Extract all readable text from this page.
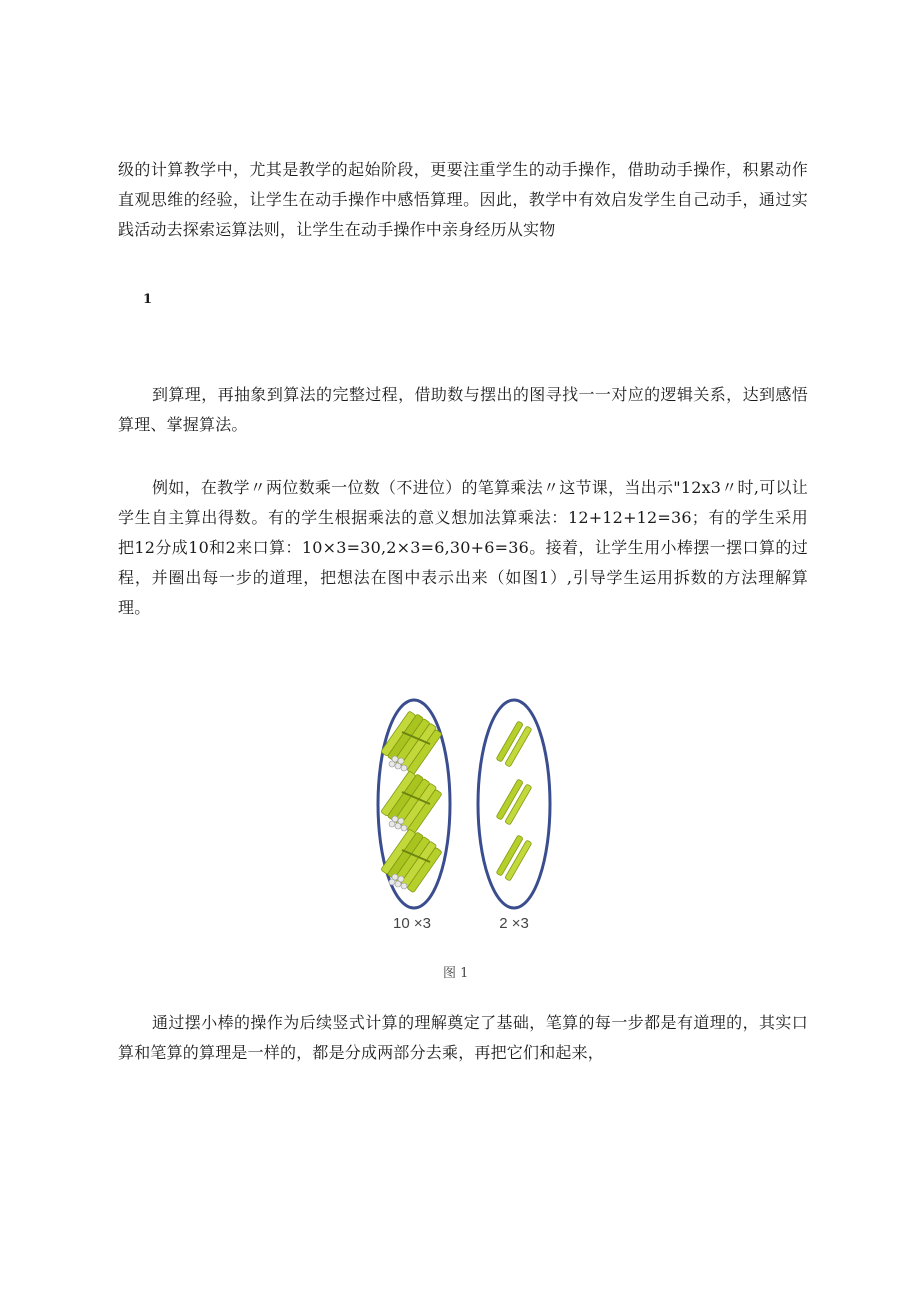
级的计算教学中，尤其是教学的起始阶段，更要注重学生的动手操作，借助动手操作，积累动作直观思维的经验，让学生在动手操作中感悟算理。因此，教学中有效启发学生自己动手，通过实践活动去探索运算法则，让学生在动手操作中亲身经历从实物

1

到算理，再抽象到算法的完整过程，借助数与摆出的图寻找一一对应的逻辑关系，达到感悟算理、掌握算法。

例如，在教学〃两位数乘一位数（不进位）的笔算乘法〃这节课，当出示"12x3〃时,可以让学生自主算出得数。有的学生根据乘法的意义想加法算乘法：12+12+12=36；有的学生采用把12分成10和2来口算：10×3=30,2×3=6,30+6=36。接着，让学生用小棒摆一摆口算的过程，并圈出每一步的道理，把想法在图中表示出来（如图1）,引导学生运用拆数的方法理解算理。

10 ×3	2 ×3

图 1

通过摆小棒的操作为后续竖式计算的理解奠定了基础，笔算的每一步都是有道理的，其实口算和笔算的算理是一样的，都是分成两部分去乘，再把它们和起来，
